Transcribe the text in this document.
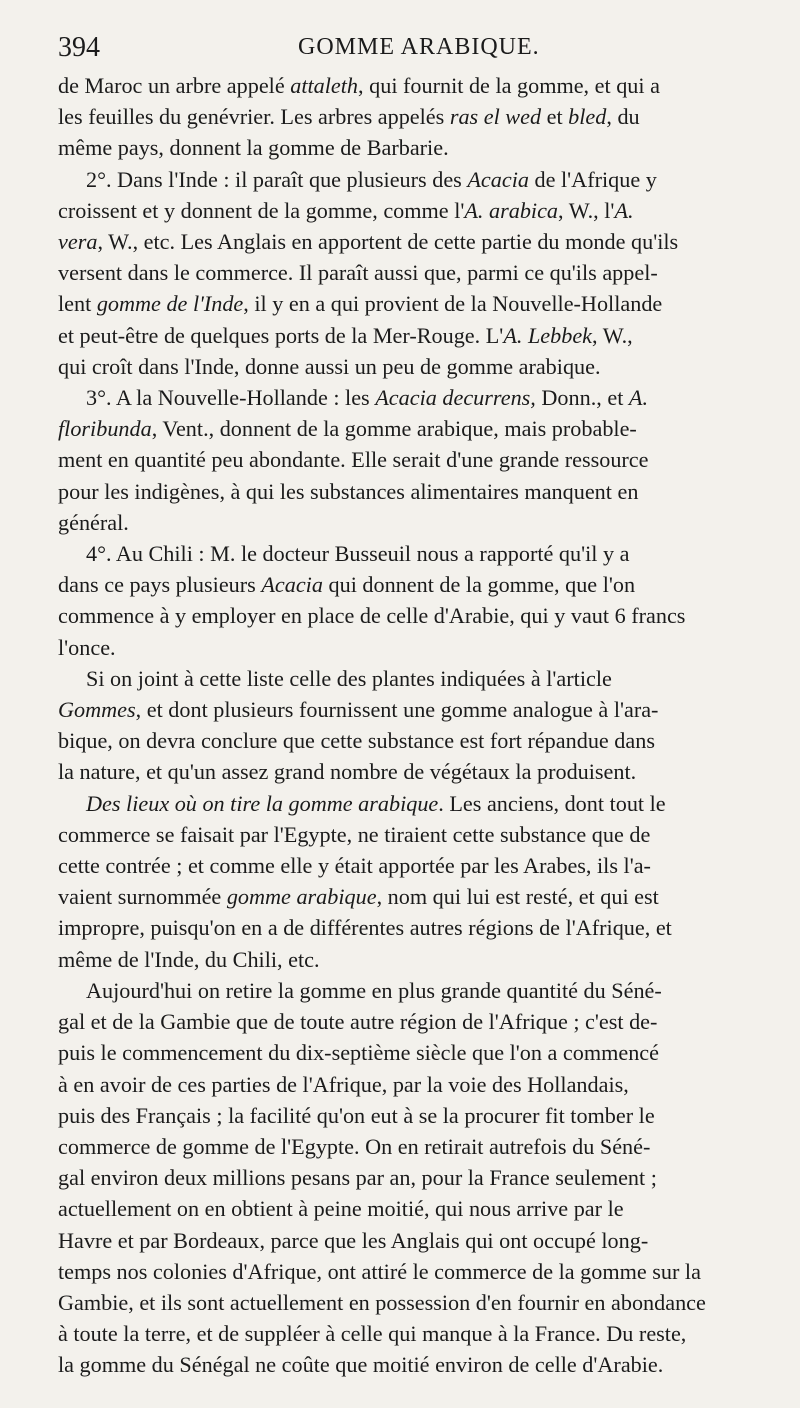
394	GOMME ARABIQUE.
de Maroc un arbre appelé attaleth, qui fournit de la gomme, et qui a
les feuilles du genévrier. Les arbres appelés ras el wed et bled, du
même pays, donnent la gomme de Barbarie.
2°. Dans l'Inde : il paraît que plusieurs des Acacia de l'Afrique y
croissent et y donnent de la gomme, comme l'A. arabica, W., l'A.
vera, W., etc. Les Anglais en apportent de cette partie du monde qu'ils
versent dans le commerce. Il paraît aussi que, parmi ce qu'ils appel-
lent gomme de l'Inde, il y en a qui provient de la Nouvelle-Hollande
et peut-être de quelques ports de la Mer-Rouge. L'A. Lebbek, W.,
qui croît dans l'Inde, donne aussi un peu de gomme arabique.
3°. A la Nouvelle-Hollande : les Acacia decurrens, Donn., et A.
floribunda, Vent., donnent de la gomme arabique, mais probable-
ment en quantité peu abondante. Elle serait d'une grande ressource
pour les indigènes, à qui les substances alimentaires manquent en
général.
4°. Au Chili : M. le docteur Busseuil nous a rapporté qu'il y a
dans ce pays plusieurs Acacia qui donnent de la gomme, que l'on
commence à y employer en place de celle d'Arabie, qui y vaut 6 francs
l'once.
Si on joint à cette liste celle des plantes indiquées à l'article
Gommes, et dont plusieurs fournissent une gomme analogue à l'ara-
bique, on devra conclure que cette substance est fort répandue dans
la nature, et qu'un assez grand nombre de végétaux la produisent.
Des lieux où on tire la gomme arabique. Les anciens, dont tout le
commerce se faisait par l'Egypte, ne tiraient cette substance que de
cette contrée ; et comme elle y était apportée par les Arabes, ils l'a-
vaient surnommée gomme arabique, nom qui lui est resté, et qui est
impropre, puisqu'on en a de différentes autres régions de l'Afrique, et
même de l'Inde, du Chili, etc.
Aujourd'hui on retire la gomme en plus grande quantité du Séné-
gal et de la Gambie que de toute autre région de l'Afrique ; c'est de-
puis le commencement du dix-septième siècle que l'on a commencé
à en avoir de ces parties de l'Afrique, par la voie des Hollandais,
puis des Français ; la facilité qu'on eut à se la procurer fit tomber le
commerce de gomme de l'Egypte. On en retirait autrefois du Séné-
gal environ deux millions pesans par an, pour la France seulement ;
actuellement on en obtient à peine moitié, qui nous arrive par le
Havre et par Bordeaux, parce que les Anglais qui ont occupé long-
temps nos colonies d'Afrique, ont attiré le commerce de la gomme sur la
Gambie, et ils sont actuellement en possession d'en fournir en abondance
à toute la terre, et de suppléer à celle qui manque à la France. Du reste,
la gomme du Sénégal ne coûte que moitié environ de celle d'Arabie.
